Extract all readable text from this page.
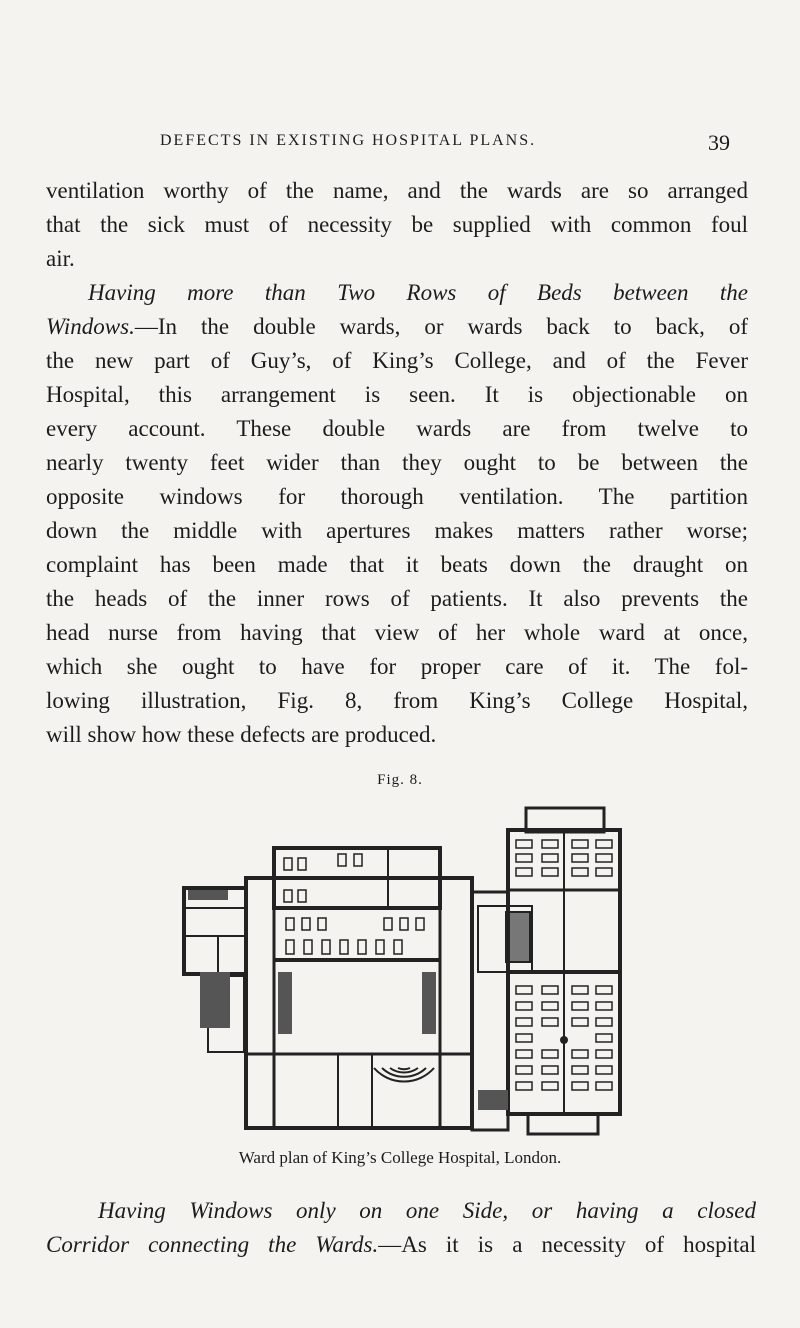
DEFECTS IN EXISTING HOSPITAL PLANS.	39
ventilation worthy of the name, and the wards are so arranged
that the sick must of necessity be supplied with common foul
air.
Having more than Two Rows of Beds between the
Windows.—In the double wards, or wards back to back, of
the new part of Guy’s, of King’s College, and of the Fever
Hospital, this arrangement is seen. It is objectionable on
every account. These double wards are from twelve to
nearly twenty feet wider than they ought to be between the
opposite windows for thorough ventilation. The partition
down the middle with apertures makes matters rather worse;
complaint has been made that it beats down the draught on
the heads of the inner rows of patients. It also prevents the
head nurse from having that view of her whole ward at once,
which she ought to have for proper care of it. The fol-
lowing illustration, Fig. 8, from King’s College Hospital,
will show how these defects are produced.
Fig. 8.
Ward plan of King’s College Hospital, London.
Having Windows only on one Side, or having a closed
Corridor connecting the Wards.—As it is a necessity of hospital
